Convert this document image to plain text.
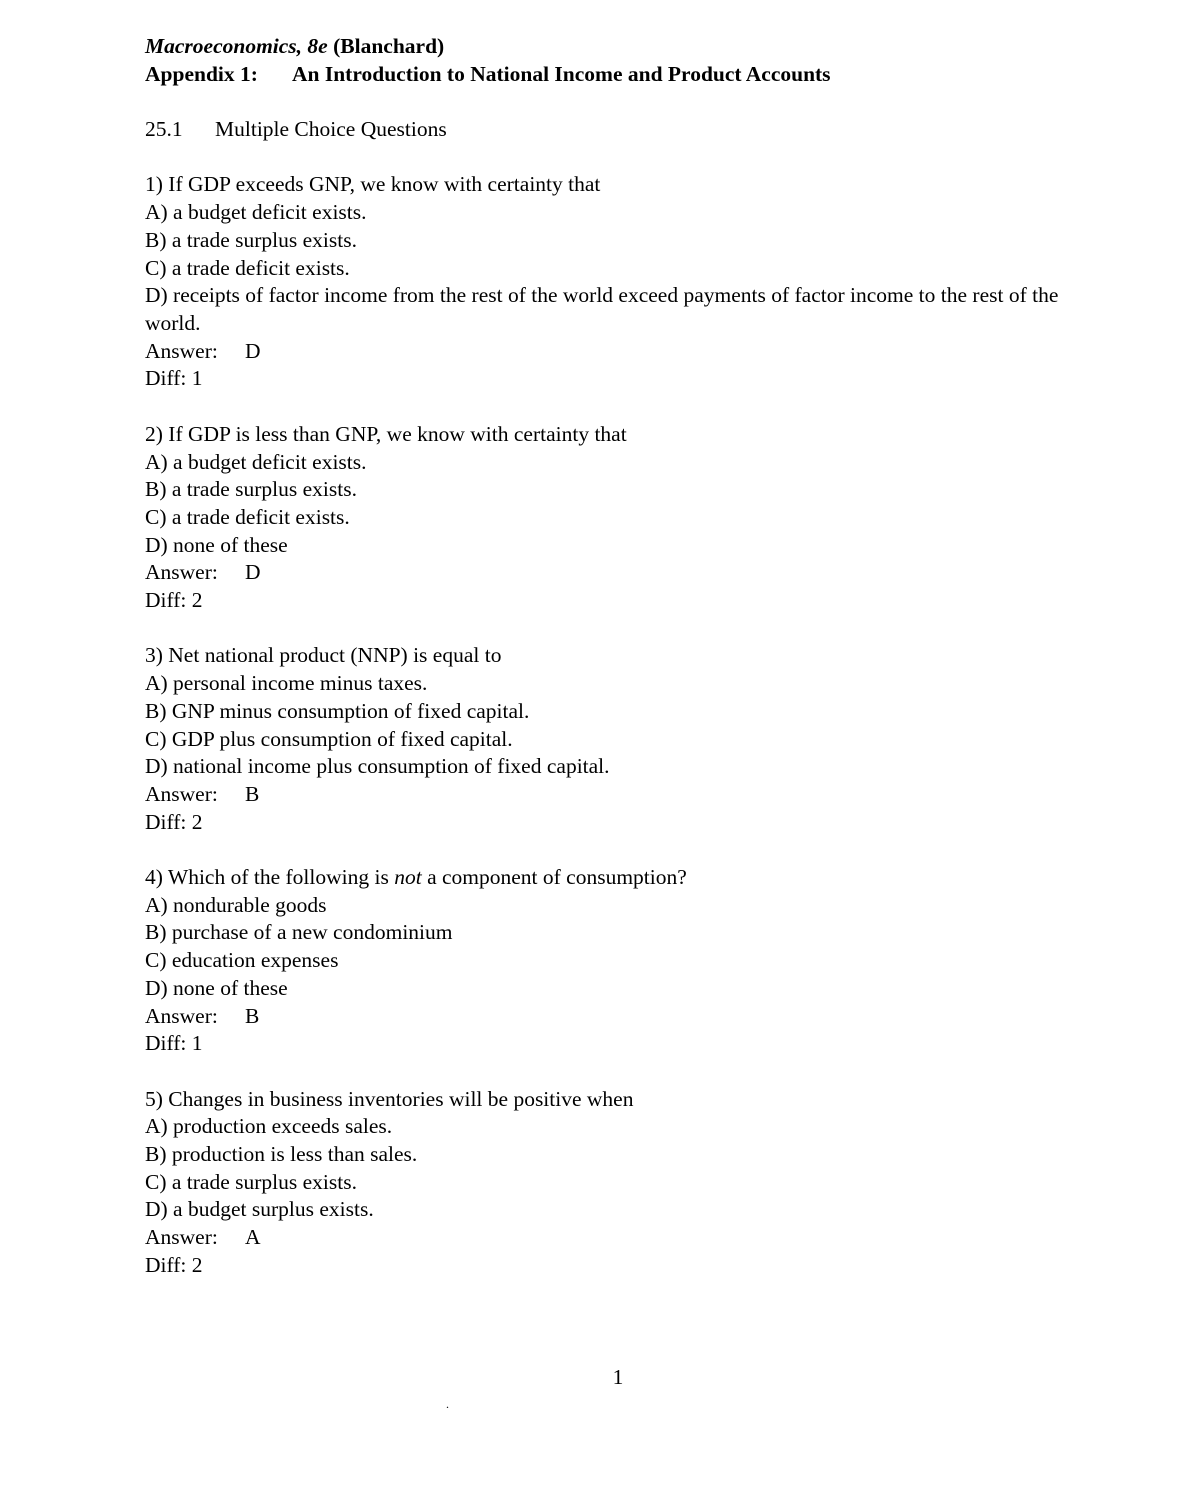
Macroeconomics, 8e (Blanchard)
Appendix 1: An Introduction to National Income and Product Accounts
25.1 Multiple Choice Questions
1) If GDP exceeds GNP, we know with certainty that
A) a budget deficit exists.
B) a trade surplus exists.
C) a trade deficit exists.
D) receipts of factor income from the rest of the world exceed payments of factor income to the rest of the world.
Answer: D
Diff: 1
2) If GDP is less than GNP, we know with certainty that
A) a budget deficit exists.
B) a trade surplus exists.
C) a trade deficit exists.
D) none of these
Answer: D
Diff: 2
3) Net national product (NNP) is equal to
A) personal income minus taxes.
B) GNP minus consumption of fixed capital.
C) GDP plus consumption of fixed capital.
D) national income plus consumption of fixed capital.
Answer: B
Diff: 2
4) Which of the following is not a component of consumption?
A) nondurable goods
B) purchase of a new condominium
C) education expenses
D) none of these
Answer: B
Diff: 1
5) Changes in business inventories will be positive when
A) production exceeds sales.
B) production is less than sales.
C) a trade surplus exists.
D) a budget surplus exists.
Answer: A
Diff: 2
1
.
